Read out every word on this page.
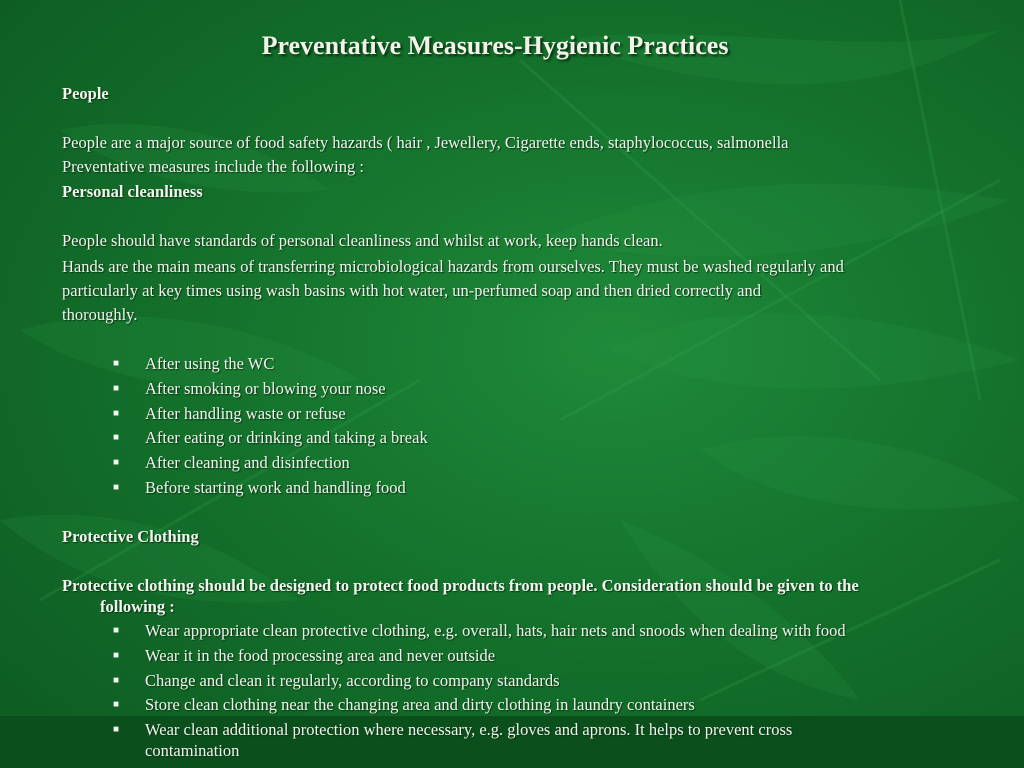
Preventative Measures-Hygienic Practices
People
People are a major source of food safety hazards ( hair , Jewellery, Cigarette ends, staphylococcus, salmonella
Preventative measures include the following :
Personal cleanliness
People should have standards of personal cleanliness and whilst at work, keep hands clean.
Hands are the main means of transferring microbiological hazards from ourselves. They must be washed regularly and
particularly at key times using wash basins with hot water, un-perfumed soap and then dried correctly and
thoroughly.
■ After using the WC
■ After smoking or blowing your nose
■ After handling waste or refuse
■ After eating or drinking and taking a break
■ After cleaning and disinfection
■ Before starting work and handling food
Protective Clothing
Protective clothing should be designed to protect food products from people. Consideration should be given to the
following :
■ Wear appropriate clean protective clothing, e.g. overall, hats, hair nets and snoods when dealing with food
■ Wear it in the food processing area and never outside
■ Change and clean it regularly, according to company standards
■ Store clean clothing near the changing area and dirty clothing in laundry containers
■ Wear clean additional protection where necessary, e.g. gloves and aprons. It helps to prevent cross
contamination
